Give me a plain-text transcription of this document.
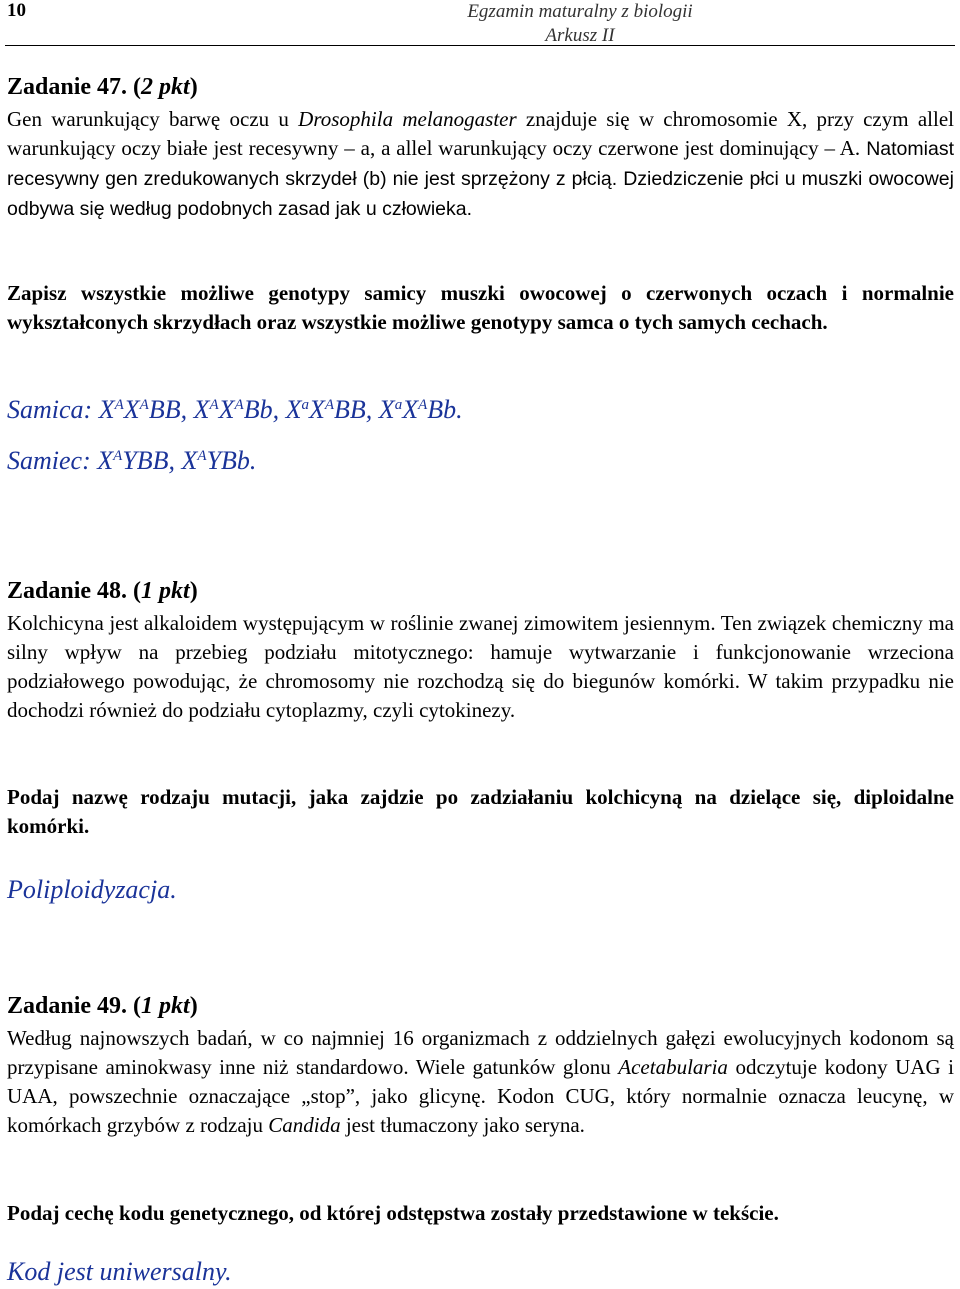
10	Egzamin maturalny z biologii
Arkusz II
Zadanie 47. (2 pkt)

Gen warunkujący barwę oczu u Drosophila melanogaster znajduje się w chromosomie X, przy czym allel warunkujący oczy białe jest recesywny – a, a allel warunkujący oczy czerwone jest dominujący – A. Natomiast recesywny gen zredukowanych skrzydeł (b) nie jest sprzężony z płcią. Dziedziczenie płci u muszki owocowej odbywa się według podobnych zasad jak u człowieka.

Zapisz wszystkie możliwe genotypy samicy muszki owocowej o czerwonych oczach i normalnie wykształconych skrzydłach oraz wszystkie możliwe genotypy samca o tych samych cechach.

Samica: $X^AX^ABB$, $X^AX^ABb$, $X^aX^ABB$, $X^aX^ABb$.
Samiec: $X^AYBB$, $X^AYBb$.
Zadanie 48. (1 pkt)

Kolchicyna jest alkaloidem występującym w roślinie zwanej zimowitem jesiennym. Ten związek chemiczny ma silny wpływ na przebieg podziału mitotycznego: hamuje wytwarzanie i funkcjonowanie wrzeciona podziałowego powodując, że chromosomy nie rozchodzą się do biegunów komórki. W takim przypadku nie dochodzi również do podziału cytoplazmy, czyli cytokinezy.

Podaj nazwę rodzaju mutacji, jaka zajdzie po zadziałaniu kolchicyną na dzielące się, diploidalne komórki.

Poliploidyzacja.
Zadanie 49. (1 pkt)

Według najnowszych badań, w co najmniej 16 organizmach z oddzielnych gałęzi ewolucyjnych kodonom są przypisane aminokwasy inne niż standardowo. Wiele gatunków glonu Acetabularia odczytuje kodony UAG i UAA, powszechnie oznaczające „stop”, jako glicynę. Kodon CUG, który normalnie oznacza leucynę, w komórkach grzybów z rodzaju Candida jest tłumaczony jako seryna.

Podaj cechę kodu genetycznego, od której odstępstwa zostały przedstawione w tekście.

Kod jest uniwersalny.
